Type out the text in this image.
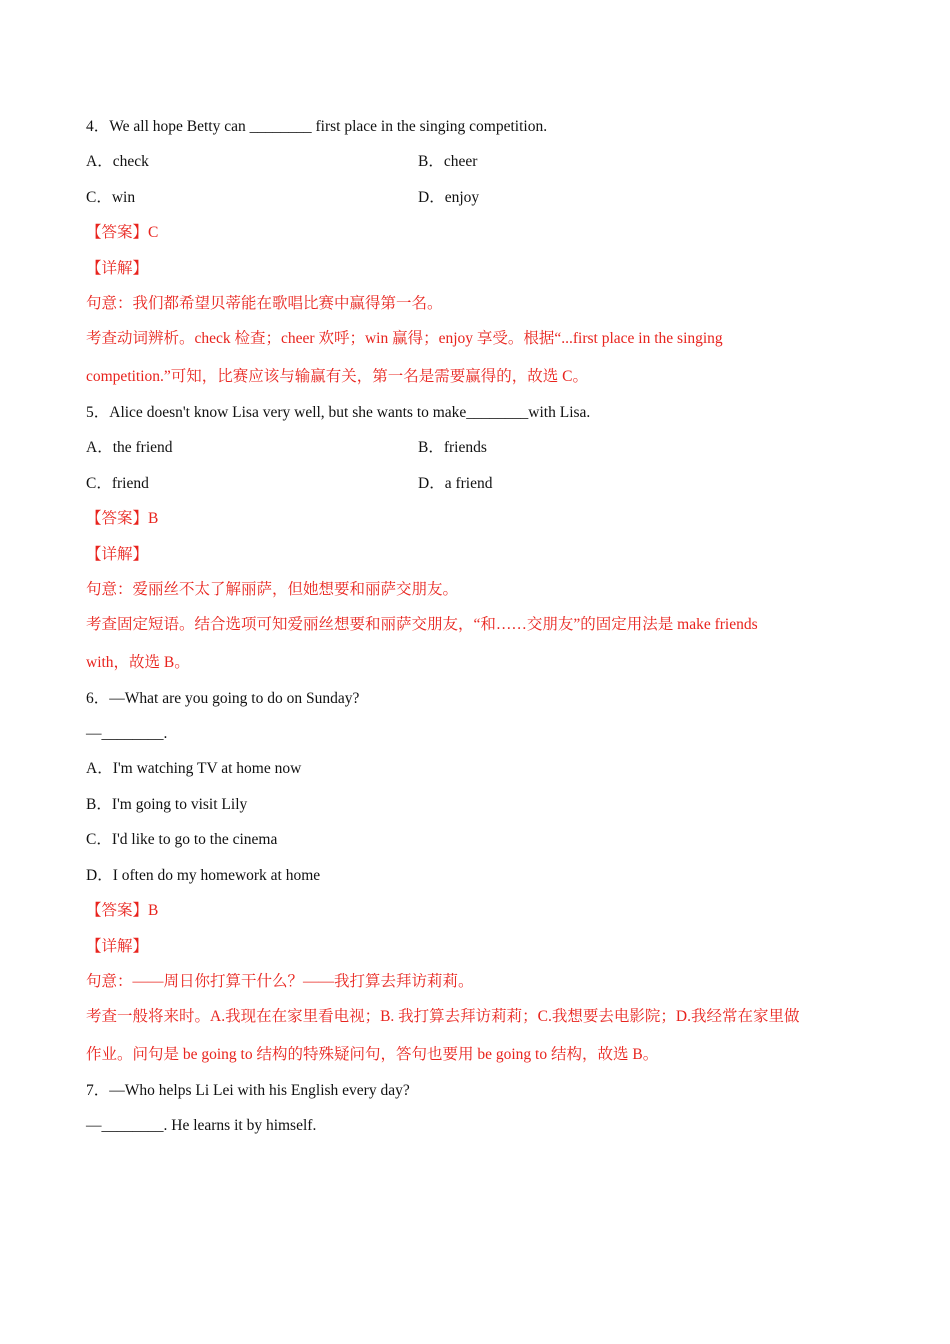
4．We all hope Betty can ________ first place in the singing competition.
A．check	B．cheer
C．win	D．enjoy
【答案】C
【详解】
句意：我们都希望贝蒂能在歌唱比赛中赢得第一名。
考查动词辨析。check 检查；cheer 欢呼；win 赢得；enjoy 享受。根据“...first place in the singing
competition.”可知，比赛应该与输赢有关，第一名是需要赢得的，故选 C。
5．Alice doesn't know Lisa very well, but she wants to make________with Lisa.
A．the friend	B．friends
C．friend	D．a friend
【答案】B
【详解】
句意：爱丽丝不太了解丽萨，但她想要和丽萨交朋友。
考查固定短语。结合选项可知爱丽丝想要和丽萨交朋友，“和……交朋友”的固定用法是 make friends
with，故选 B。
6．—What are you going to do on Sunday?
—________.
A．I'm watching TV at home now
B．I'm going to visit Lily
C．I'd like to go to the cinema
D．I often do my homework at home
【答案】B
【详解】
句意：——周日你打算干什么？——我打算去拜访莉莉。
考查一般将来时。A.我现在在家里看电视；B. 我打算去拜访莉莉；C.我想要去电影院；D.我经常在家里做
作业。问句是 be going to 结构的特殊疑问句，答句也要用 be going to 结构，故选 B。
7．—Who helps Li Lei with his English every day?
—________. He learns it by himself.
